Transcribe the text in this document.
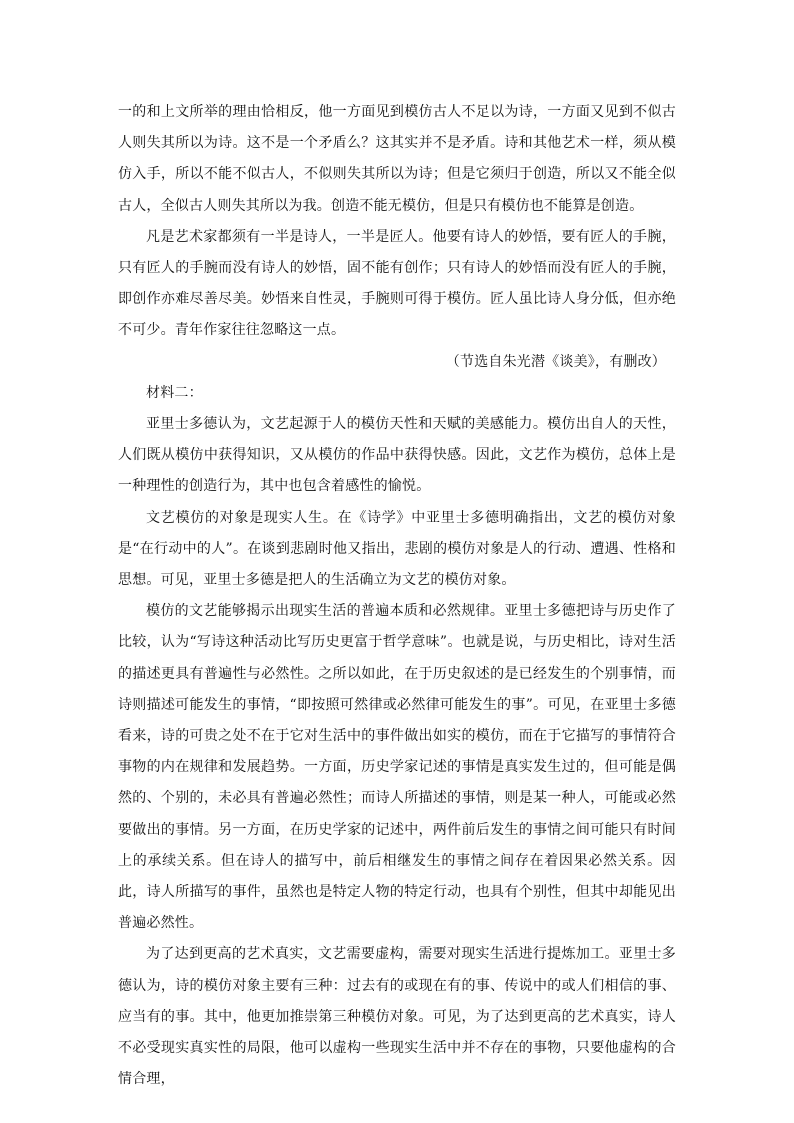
一的和上文所举的理由恰相反，他一方面见到模仿古人不足以为诗，一方面又见到不似古人则失其所以为诗。这不是一个矛盾么？这其实并不是矛盾。诗和其他艺术一样，须从模仿入手，所以不能不似古人，不似则失其所以为诗；但是它须归于创造，所以又不能全似古人，全似古人则失其所以为我。创造不能无模仿，但是只有模仿也不能算是创造。

凡是艺术家都须有一半是诗人，一半是匠人。他要有诗人的妙悟，要有匠人的手腕，只有匠人的手腕而没有诗人的妙悟，固不能有创作；只有诗人的妙悟而没有匠人的手腕，即创作亦难尽善尽美。妙悟来自性灵，手腕则可得于模仿。匠人虽比诗人身分低，但亦绝不可少。青年作家往往忽略这一点。

（节选自朱光潜《谈美》，有删改）

材料二：

亚里士多德认为，文艺起源于人的模仿天性和天赋的美感能力。模仿出自人的天性，人们既从模仿中获得知识，又从模仿的作品中获得快感。因此，文艺作为模仿，总体上是一种理性的创造行为，其中也包含着感性的愉悦。

文艺模仿的对象是现实人生。在《诗学》中亚里士多德明确指出，文艺的模仿对象是“在行动中的人”。在谈到悲剧时他又指出，悲剧的模仿对象是人的行动、遭遇、性格和思想。可见，亚里士多德是把人的生活确立为文艺的模仿对象。

模仿的文艺能够揭示出现实生活的普遍本质和必然规律。亚里士多德把诗与历史作了比较，认为“写诗这种活动比写历史更富于哲学意味”。也就是说，与历史相比，诗对生活的描述更具有普遍性与必然性。之所以如此，在于历史叙述的是已经发生的个别事情，而诗则描述可能发生的事情，“即按照可然律或必然律可能发生的事”。可见，在亚里士多德看来，诗的可贵之处不在于它对生活中的事件做出如实的模仿，而在于它描写的事情符合事物的内在规律和发展趋势。一方面，历史学家记述的事情是真实发生过的，但可能是偶然的、个别的，未必具有普遍必然性；而诗人所描述的事情，则是某一种人，可能或必然要做出的事情。另一方面，在历史学家的记述中，两件前后发生的事情之间可能只有时间上的承续关系。但在诗人的描写中，前后相继发生的事情之间存在着因果必然关系。因此，诗人所描写的事件，虽然也是特定人物的特定行动，也具有个别性，但其中却能见出普遍必然性。

为了达到更高的艺术真实，文艺需要虚构，需要对现实生活进行提炼加工。亚里士多德认为，诗的模仿对象主要有三种：过去有的或现在有的事、传说中的或人们相信的事、应当有的事。其中，他更加推崇第三种模仿对象。可见，为了达到更高的艺术真实，诗人不必受现实真实性的局限，他可以虚构一些现实生活中并不存在的事物，只要他虚构的合情合理，
